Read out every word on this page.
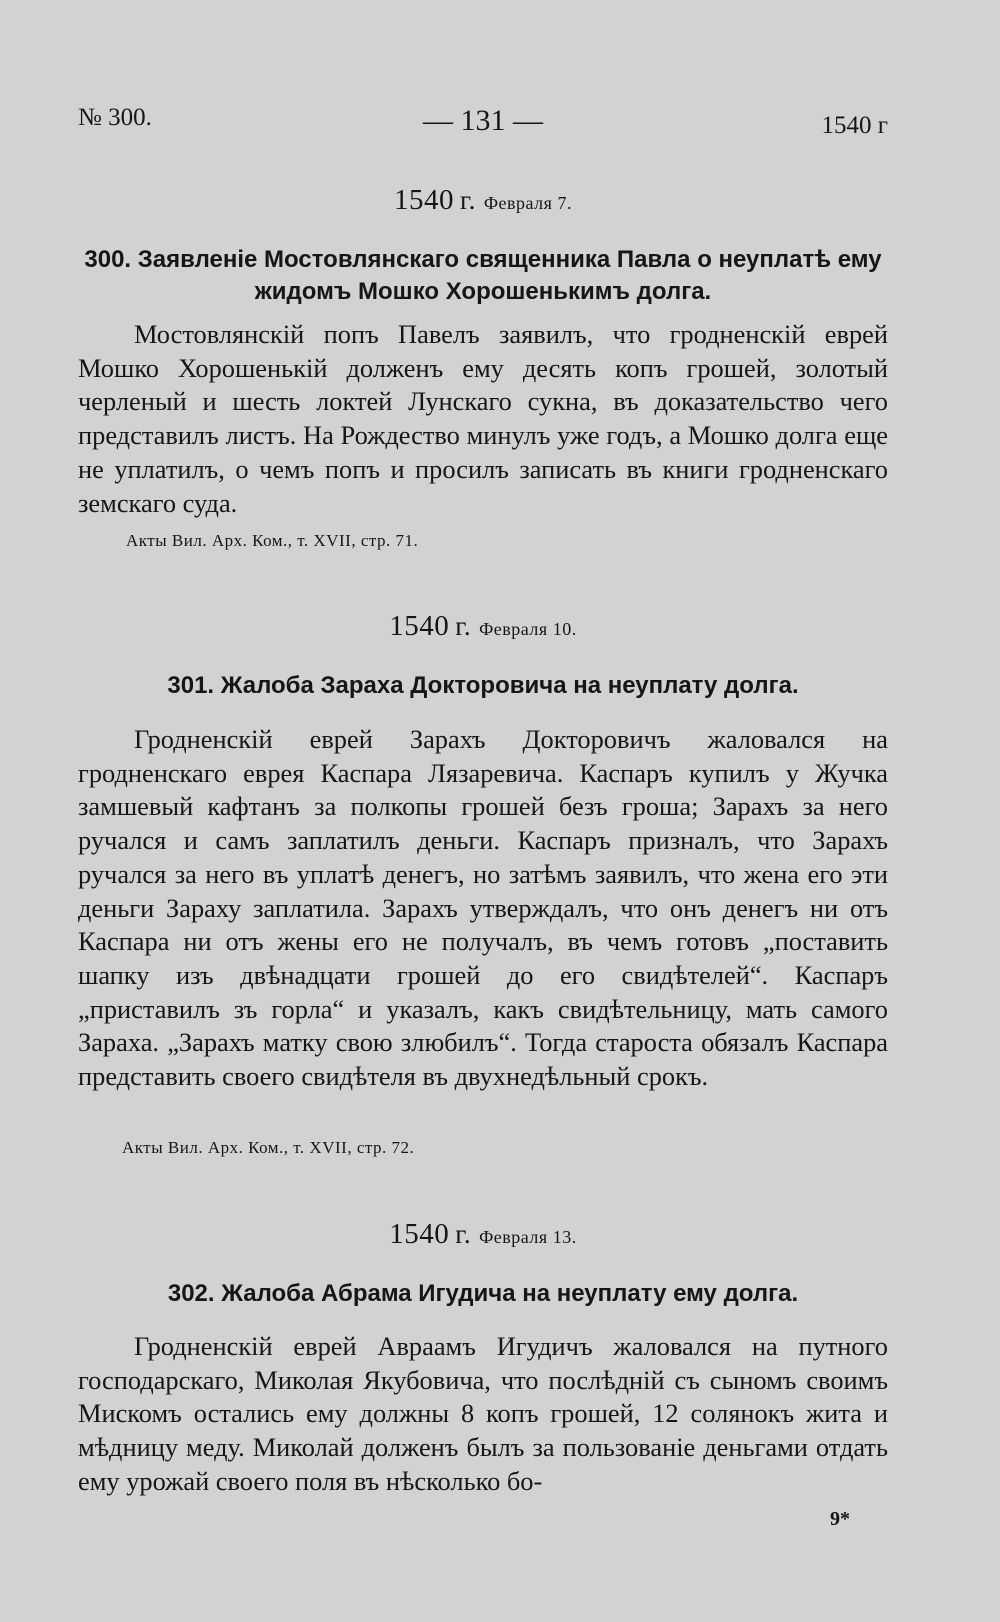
№ 300.	— 131 —	1540 г
1540 г. Февраля 7.
300. Заявленіе Мостовлянскаго священника Павла о неуплатѣ ему жидомъ Мошко Хорошенькимъ долга.

Мостовлянскій попъ Павелъ заявилъ, что гродненскій еврей Мошко Хорошенькій долженъ ему десять копъ грошей, золотый черленый и шесть локтей Лунскаго сукна, въ доказательство чего представилъ листъ. На Рождество минулъ уже годъ, а Мошко долга еще не уплатилъ, о чемъ попъ и просилъ записать въ книги гродненскаго земскаго суда.

Акты Вил. Арх. Ком., т. XVII, стр. 71.
1540 г. Февраля 10.
301. Жалоба Зараха Докторовича на неуплату долга.

Гродненскій еврей Зарахъ Докторовичъ жаловался на гродненскаго еврея Каспара Лязаревича. Каспаръ купилъ у Жучка замшевый кафтанъ за полкопы грошей безъ гроша; Зарахъ за него ручался и самъ заплатилъ деньги. Каспаръ призналъ, что Зарахъ ручался за него въ уплатѣ денегъ, но затѣмъ заявилъ, что жена его эти деньги Зараху заплатила. Зарахъ утверждалъ, что онъ денегъ ни отъ Каспара ни отъ жены его не получалъ, въ чемъ готовъ „поставить шапку изъ двѣнадцати грошей до его свидѣтелей“. Каспаръ „приставилъ зъ горла“ и указалъ, какъ свидѣтельницу, мать самого Зараха. „Зарахъ матку свою злюбилъ“. Тогда староста обязалъ Каспара представить своего свидѣтеля въ двухнедѣльный срокъ.

Акты Вил. Арх. Ком., т. XVII, стр. 72.
1540 г. Февраля 13.
302. Жалоба Абрама Игудича на неуплату ему долга.

Гродненскій еврей Авраамъ Игудичъ жаловался на путного господарскаго, Миколая Якубовича, что послѣдній съ сыномъ своимъ Мискомъ остались ему должны 8 копъ грошей, 12 солянокъ жита и мѣдницу меду. Миколай долженъ былъ за пользованіе деньгами отдать ему урожай своего поля въ нѣсколько бо-

9*
